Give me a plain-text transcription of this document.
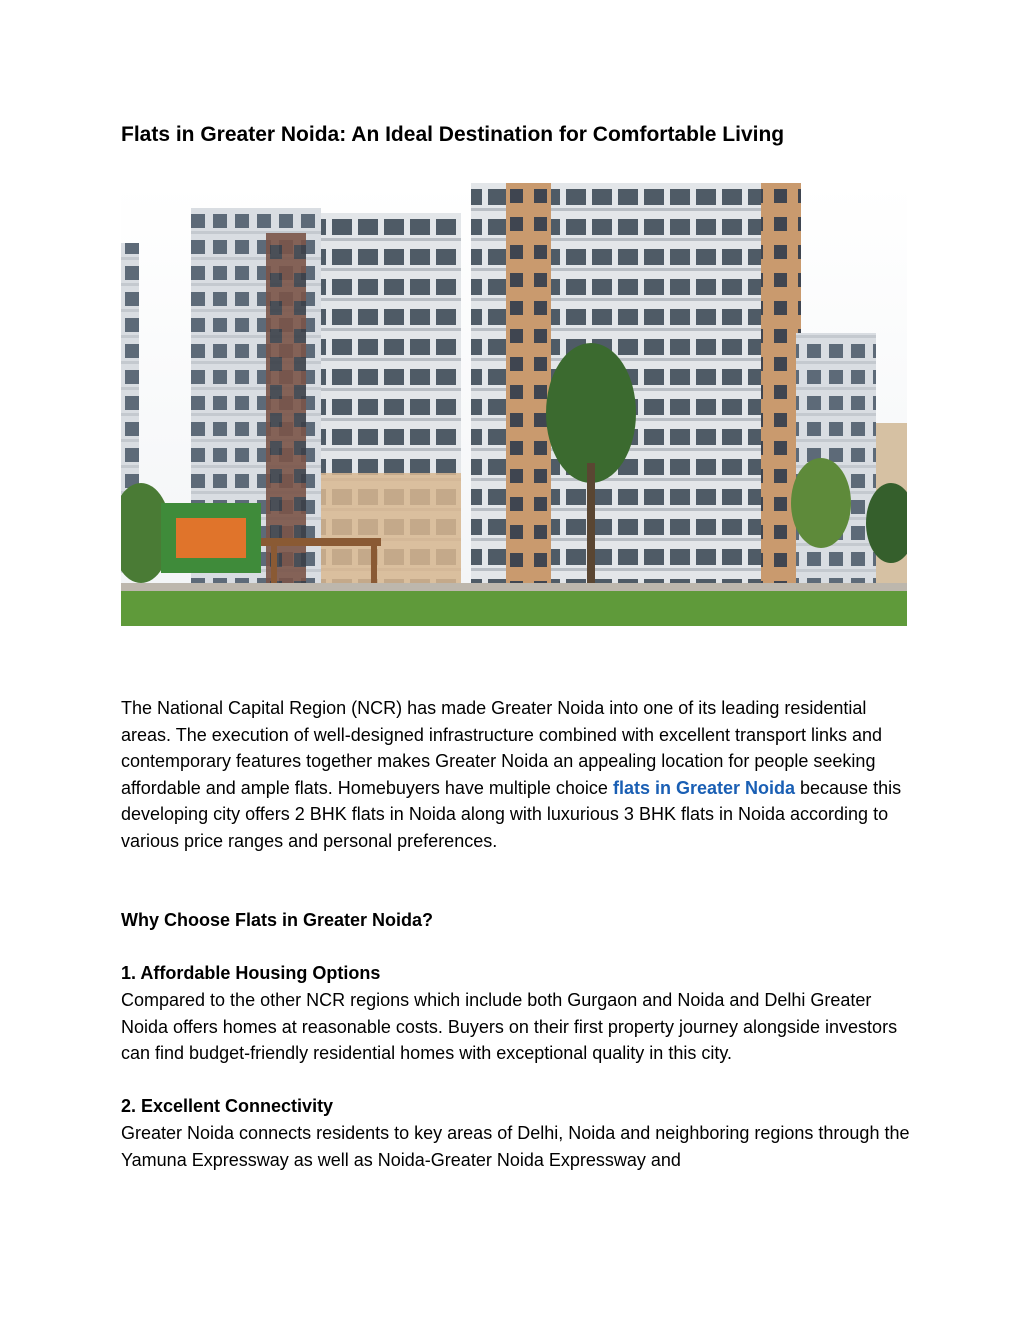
Flats in Greater Noida: An Ideal Destination for Comfortable Living

The National Capital Region (NCR) has made Greater Noida into one of its leading residential areas. The execution of well-designed infrastructure combined with excellent transport links and contemporary features together makes Greater Noida an appealing location for people seeking affordable and ample flats. Homebuyers have multiple choice flats in Greater Noida because this developing city offers 2 BHK flats in Noida along with luxurious 3 BHK flats in Noida according to various price ranges and personal preferences.

Why Choose Flats in Greater Noida?
1. Affordable Housing Options

Compared to the other NCR regions which include both Gurgaon and Noida and Delhi Greater Noida offers homes at reasonable costs. Buyers on their first property journey alongside investors can find budget-friendly residential homes with exceptional quality in this city.

2. Excellent Connectivity

Greater Noida connects residents to key areas of Delhi, Noida and neighboring regions through the Yamuna Expressway as well as Noida-Greater Noida Expressway and
